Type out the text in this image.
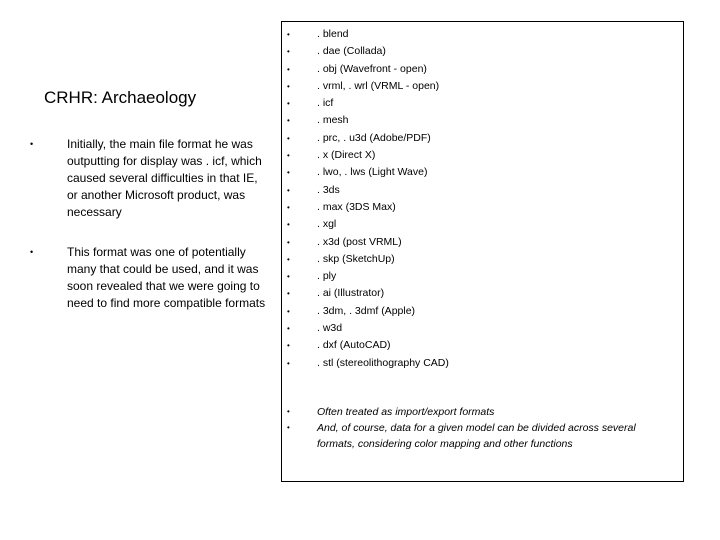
CRHR: Archaeology
•	Initially, the main file format he was outputting for display was . icf, which caused several difficulties in that IE, or another Microsoft product, was necessary
•	This format was one of potentially many that could be used, and it was soon revealed that we were going to need to find more compatible formats
•	. blend
•	. dae (Collada)
•	. obj (Wavefront - open)
•	. vrml, . wrl (VRML - open)
•	. icf
•	. mesh
•	. prc, . u3d (Adobe/PDF)
•	. x (Direct X)
•	. lwo, . lws (Light Wave)
•	. 3ds
•	. max (3DS Max)
•	. xgl
•	. x3d (post VRML)
•	. skp (SketchUp)
•	. ply
•	. ai (Illustrator)
•	. 3dm, . 3dmf (Apple)
•	. w3d
•	. dxf (AutoCAD)
•	. stl (stereolithography CAD)
•	Often treated as import/export formats
•	And, of course, data for a given model can be divided across several formats, considering color mapping and other functions
